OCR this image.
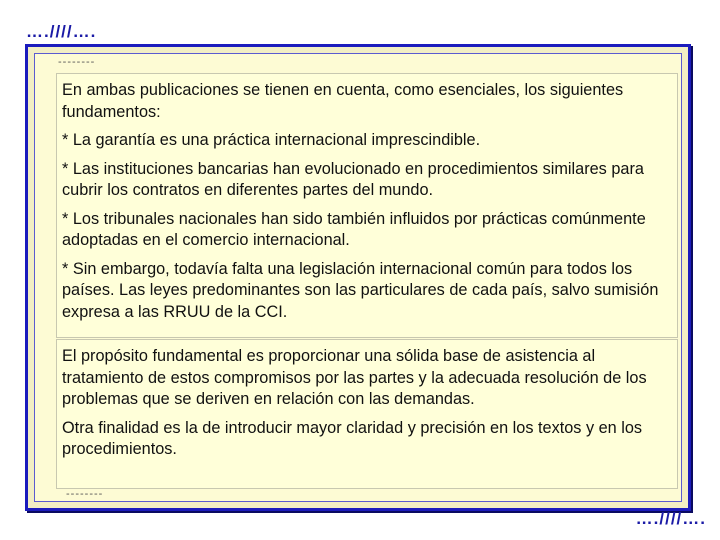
….////….
--------

En ambas publicaciones se tienen en cuenta, como esenciales, los siguientes fundamentos:

* La garantía es una práctica internacional imprescindible.

* Las instituciones bancarias han evolucionado en procedimientos similares para cubrir los contratos en diferentes partes del mundo.

* Los tribunales nacionales han sido también influidos por prácticas comúnmente adoptadas en el comercio internacional.

* Sin embargo, todavía falta una legislación internacional común para todos los países. Las leyes predominantes son las particulares de cada país, salvo sumisión expresa a las RRUU de la CCI.

El propósito fundamental es proporcionar una sólida base de asistencia al tratamiento de estos compromisos por las partes y la adecuada resolución de los problemas que se deriven en relación con las demandas.

Otra finalidad es la de introducir mayor claridad y precisión en los textos y en los procedimientos.

--------
….////….
